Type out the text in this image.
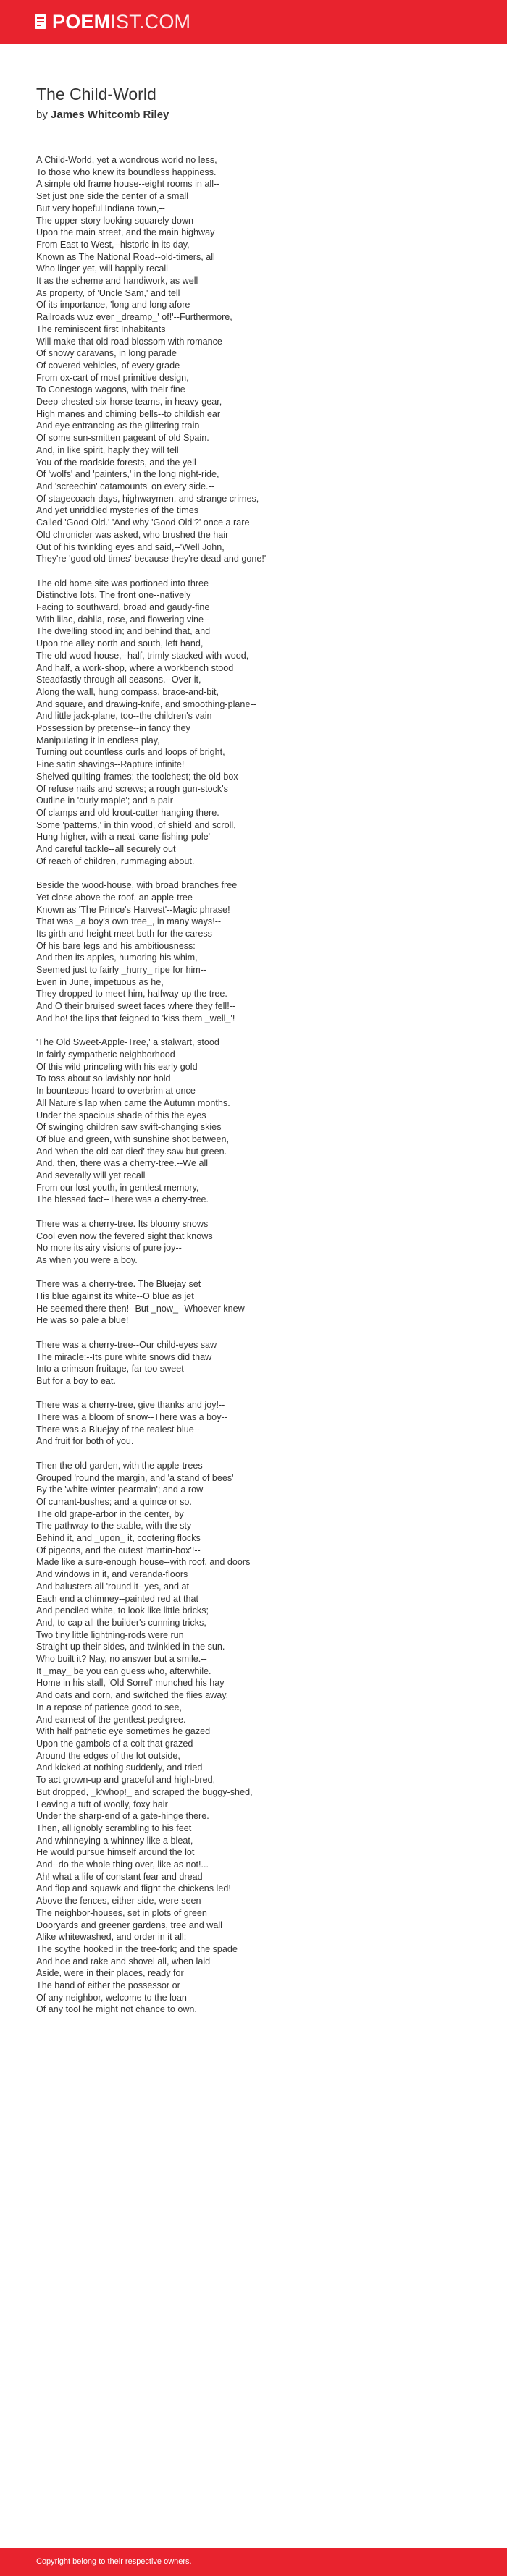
POEM IST.COM
The Child-World
by James Whitcomb Riley
A Child-World, yet a wondrous world no less,
To those who knew its boundless happiness.
A simple old frame house--eight rooms in all--
Set just one side the center of a small
But very hopeful Indiana town,--
The upper-story looking squarely down
Upon the main street, and the main highway
From East to West,--historic in its day,
Known as The National Road--old-timers, all
Who linger yet, will happily recall
It as the scheme and handiwork, as well
As property, of 'Uncle Sam,' and tell
Of its importance, 'long and long afore
Railroads wuz ever _dreamp_' of!'--Furthermore,
The reminiscent first Inhabitants
Will make that old road blossom with romance
Of snowy caravans, in long parade
Of covered vehicles, of every grade
From ox-cart of most primitive design,
To Conestoga wagons, with their fine
Deep-chested six-horse teams, in heavy gear,
High manes and chiming bells--to childish ear
And eye entrancing as the glittering train
Of some sun-smitten pageant of old Spain.
And, in like spirit, haply they will tell
You of the roadside forests, and the yell
Of 'wolfs' and 'painters,' in the long night-ride,
And 'screechin' catamounts' on every side.--
Of stagecoach-days, highwaymen, and strange crimes,
And yet unriddled mysteries of the times
Called 'Good Old.' 'And why 'Good Old'?' once a rare
Old chronicler was asked, who brushed the hair
Out of his twinkling eyes and said,--'Well John,
They're 'good old times' because they're dead and gone!'
The old home site was portioned into three
Distinctive lots. The front one--natively
Facing to southward, broad and gaudy-fine
With lilac, dahlia, rose, and flowering vine--
The dwelling stood in; and behind that, and
Upon the alley north and south, left hand,
The old wood-house,--half, trimly stacked with wood,
And half, a work-shop, where a workbench stood
Steadfastly through all seasons.--Over it,
Along the wall, hung compass, brace-and-bit,
And square, and drawing-knife, and smoothing-plane--
And little jack-plane, too--the children's vain
Possession by pretense--in fancy they
Manipulating it in endless play,
Turning out countless curls and loops of bright,
Fine satin shavings--Rapture infinite!
Shelved quilting-frames; the toolchest; the old box
Of refuse nails and screws; a rough gun-stock's
Outline in 'curly maple'; and a pair
Of clamps and old krout-cutter hanging there.
Some 'patterns,' in thin wood, of shield and scroll,
Hung higher, with a neat 'cane-fishing-pole'
And careful tackle--all securely out
Of reach of children, rummaging about.
Beside the wood-house, with broad branches free
Yet close above the roof, an apple-tree
Known as 'The Prince's Harvest'--Magic phrase!
That was _a boy's own tree_, in many ways!--
Its girth and height meet both for the caress
Of his bare legs and his ambitiousness:
And then its apples, humoring his whim,
Seemed just to fairly _hurry_ ripe for him--
Even in June, impetuous as he,
They dropped to meet him, halfway up the tree.
And O their bruised sweet faces where they fell!--
And ho! the lips that feigned to 'kiss them _well_'!
'The Old Sweet-Apple-Tree,' a stalwart, stood
In fairly sympathetic neighborhood
Of this wild princeling with his early gold
To toss about so lavishly nor hold
In bounteous hoard to overbrim at once
All Nature's lap when came the Autumn months.
Under the spacious shade of this the eyes
Of swinging children saw swift-changing skies
Of blue and green, with sunshine shot between,
And 'when the old cat died' they saw but green.
And, then, there was a cherry-tree.--We all
And severally will yet recall
From our lost youth, in gentlest memory,
The blessed fact--There was a cherry-tree.
There was a cherry-tree. Its bloomy snows
Cool even now the fevered sight that knows
No more its airy visions of pure joy--
As when you were a boy.
There was a cherry-tree. The Bluejay set
His blue against its white--O blue as jet
He seemed there then!--But _now_--Whoever knew
He was so pale a blue!
There was a cherry-tree--Our child-eyes saw
The miracle:--Its pure white snows did thaw
Into a crimson fruitage, far too sweet
But for a boy to eat.
There was a cherry-tree, give thanks and joy!--
There was a bloom of snow--There was a boy--
There was a Bluejay of the realest blue--
And fruit for both of you.
Then the old garden, with the apple-trees
Grouped 'round the margin, and 'a stand of bees'
By the 'white-winter-pearmain'; and a row
Of currant-bushes; and a quince or so.
The old grape-arbor in the center, by
The pathway to the stable, with the sty
Behind it, and _upon_ it, cootering flocks
Of pigeons, and the cutest 'martin-box'!--
Made like a sure-enough house--with roof, and doors
And windows in it, and veranda-floors
And balusters all 'round it--yes, and at
Each end a chimney--painted red at that
And penciled white, to look like little bricks;
And, to cap all the builder's cunning tricks,
Two tiny little lightning-rods were run
Straight up their sides, and twinkled in the sun.
Who built it? Nay, no answer but a smile.--
It _may_ be you can guess who, afterwhile.
Home in his stall, 'Old Sorrel' munched his hay
And oats and corn, and switched the flies away,
In a repose of patience good to see,
And earnest of the gentlest pedigree.
With half pathetic eye sometimes he gazed
Upon the gambols of a colt that grazed
Around the edges of the lot outside,
And kicked at nothing suddenly, and tried
To act grown-up and graceful and high-bred,
But dropped, _k'whop!_ and scraped the buggy-shed,
Leaving a tuft of woolly, foxy hair
Under the sharp-end of a gate-hinge there.
Then, all ignobly scrambling to his feet
And whinneying a whinney like a bleat,
He would pursue himself around the lot
And--do the whole thing over, like as not!...
Ah! what a life of constant fear and dread
And flop and squawk and flight the chickens led!
Above the fences, either side, were seen
The neighbor-houses, set in plots of green
Dooryards and greener gardens, tree and wall
Alike whitewashed, and order in it all:
The scythe hooked in the tree-fork; and the spade
And hoe and rake and shovel all, when laid
Aside, were in their places, ready for
The hand of either the possessor or
Of any neighbor, welcome to the loan
Of any tool he might not chance to own.
Copyright belong to their respective owners.
